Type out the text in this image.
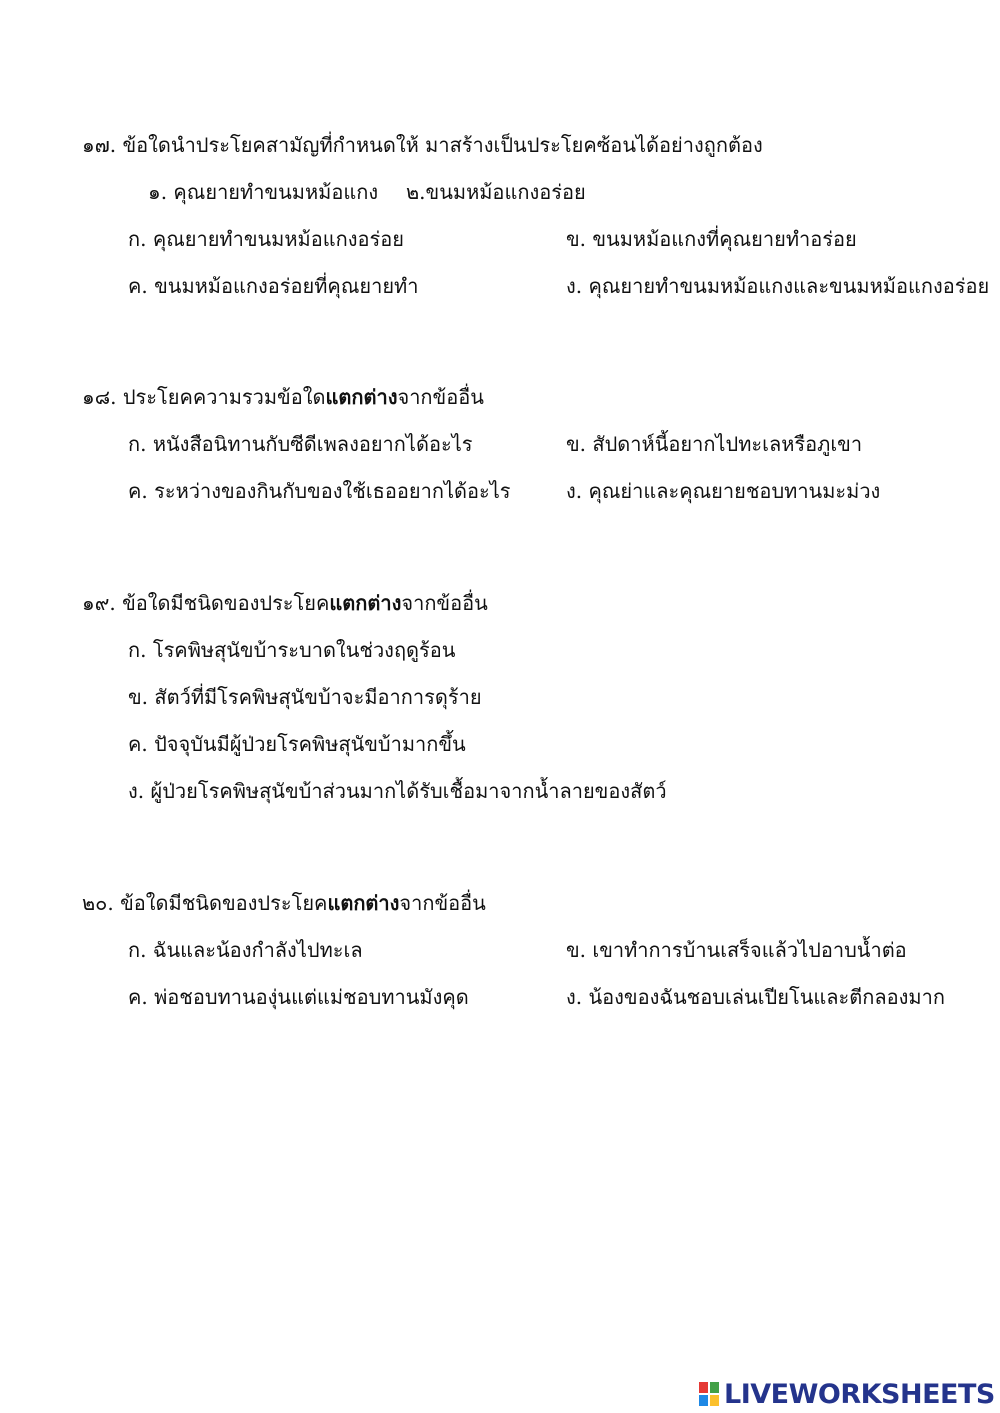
๑๗. ข้อใดนำประโยคสามัญที่กำหนดให้ มาสร้างเป็นประโยคซ้อนได้อย่างถูกต้อง
๑. คุณยายทำขนมหม้อแกง ๒.ขนมหม้อแกงอร่อย
ก. คุณยายทำขนมหม้อแกงอร่อย	ข. ขนมหม้อแกงที่คุณยายทำอร่อย
ค. ขนมหม้อแกงอร่อยที่คุณยายทำ	ง. คุณยายทำขนมหม้อแกงและขนมหม้อแกงอร่อย
๑๘. ประโยคความรวมข้อใดแตกต่างจากข้ออื่น
ก. หนังสือนิทานกับซีดีเพลงอยากได้อะไร	ข. สัปดาห์นี้อยากไปทะเลหรือภูเขา
ค. ระหว่างของกินกับของใช้เธออยากได้อะไร	ง. คุณย่าและคุณยายชอบทานมะม่วง
๑๙. ข้อใดมีชนิดของประโยคแตกต่างจากข้ออื่น
ก. โรคพิษสุนัขบ้าระบาดในช่วงฤดูร้อน
ข. สัตว์ที่มีโรคพิษสุนัขบ้าจะมีอาการดุร้าย
ค. ปัจจุบันมีผู้ป่วยโรคพิษสุนัขบ้ามากขึ้น
ง. ผู้ป่วยโรคพิษสุนัขบ้าส่วนมากได้รับเชื้อมาจากน้ำลายของสัตว์
๒๐. ข้อใดมีชนิดของประโยคแตกต่างจากข้ออื่น
ก. ฉันและน้องกำลังไปทะเล	ข. เขาทำการบ้านเสร็จแล้วไปอาบน้ำต่อ
ค. พ่อชอบทานองุ่นแต่แม่ชอบทานมังคุด	ง. น้องของฉันชอบเล่นเปียโนและตีกลองมาก
LIVEWORKSHEETS
